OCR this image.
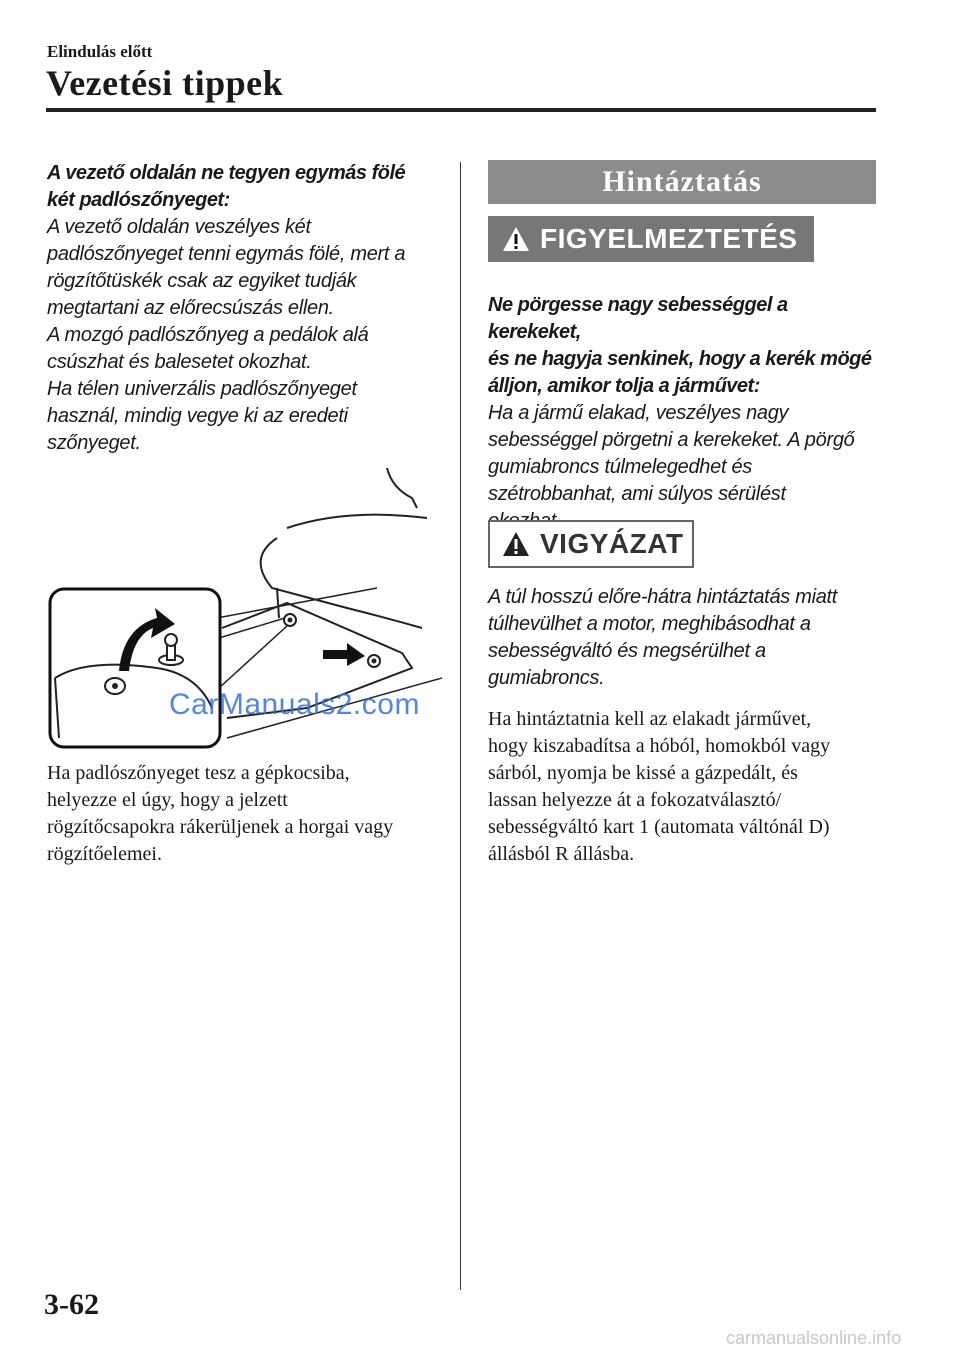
Elindulás előtt
Vezetési tippek

A vezető oldalán ne tegyen egymás fölé két padlószőnyeget:

A vezető oldalán veszélyes két

padlószőnyeget tenni egymás fölé, mert a

rögzítőtüskék csak az egyiket tudják

megtartani az előrecsúszás ellen.

A mozgó padlószőnyeg a pedálok alá

csúszhat és balesetet okozhat.

Ha télen univerzális padlószőnyeget

használ, mindig vegye ki az eredeti

szőnyeget.

CarManuals2.com

Ha padlószőnyeget tesz a gépkocsiba,

helyezze el úgy, hogy a jelzett

rögzítőcsapokra rákerüljenek a horgai vagy

rögzítőelemei.

Hintáztatás
FIGYELMEZTETÉS

Ne pörgesse nagy sebességgel a kerekeket,

és ne hagyja senkinek, hogy a kerék mögé

álljon, amikor tolja a járművet:

Ha a jármű elakad, veszélyes nagy

sebességgel pörgetni a kerekeket. A pörgő

gumiabroncs túlmelegedhet és

szétrobbanhat, ami súlyos sérülést

VIGYÁZAT

A túl hosszú előre-hátra hintáztatás miatt

túlhevülhet a motor, meghibásodhat a

sebességváltó és megsérülhet a

gumiabroncs.

Ha hintáztatnia kell az elakadt járművet,

hogy kiszabadítsa a hóból, homokból vagy

sárból, nyomja be kissé a gázpedált, és

lassan helyezze át a fokozatválasztó/

sebességváltó kart 1 (automata váltónál D)

állásból R állásba.

3-62
carmanualsonline.info
